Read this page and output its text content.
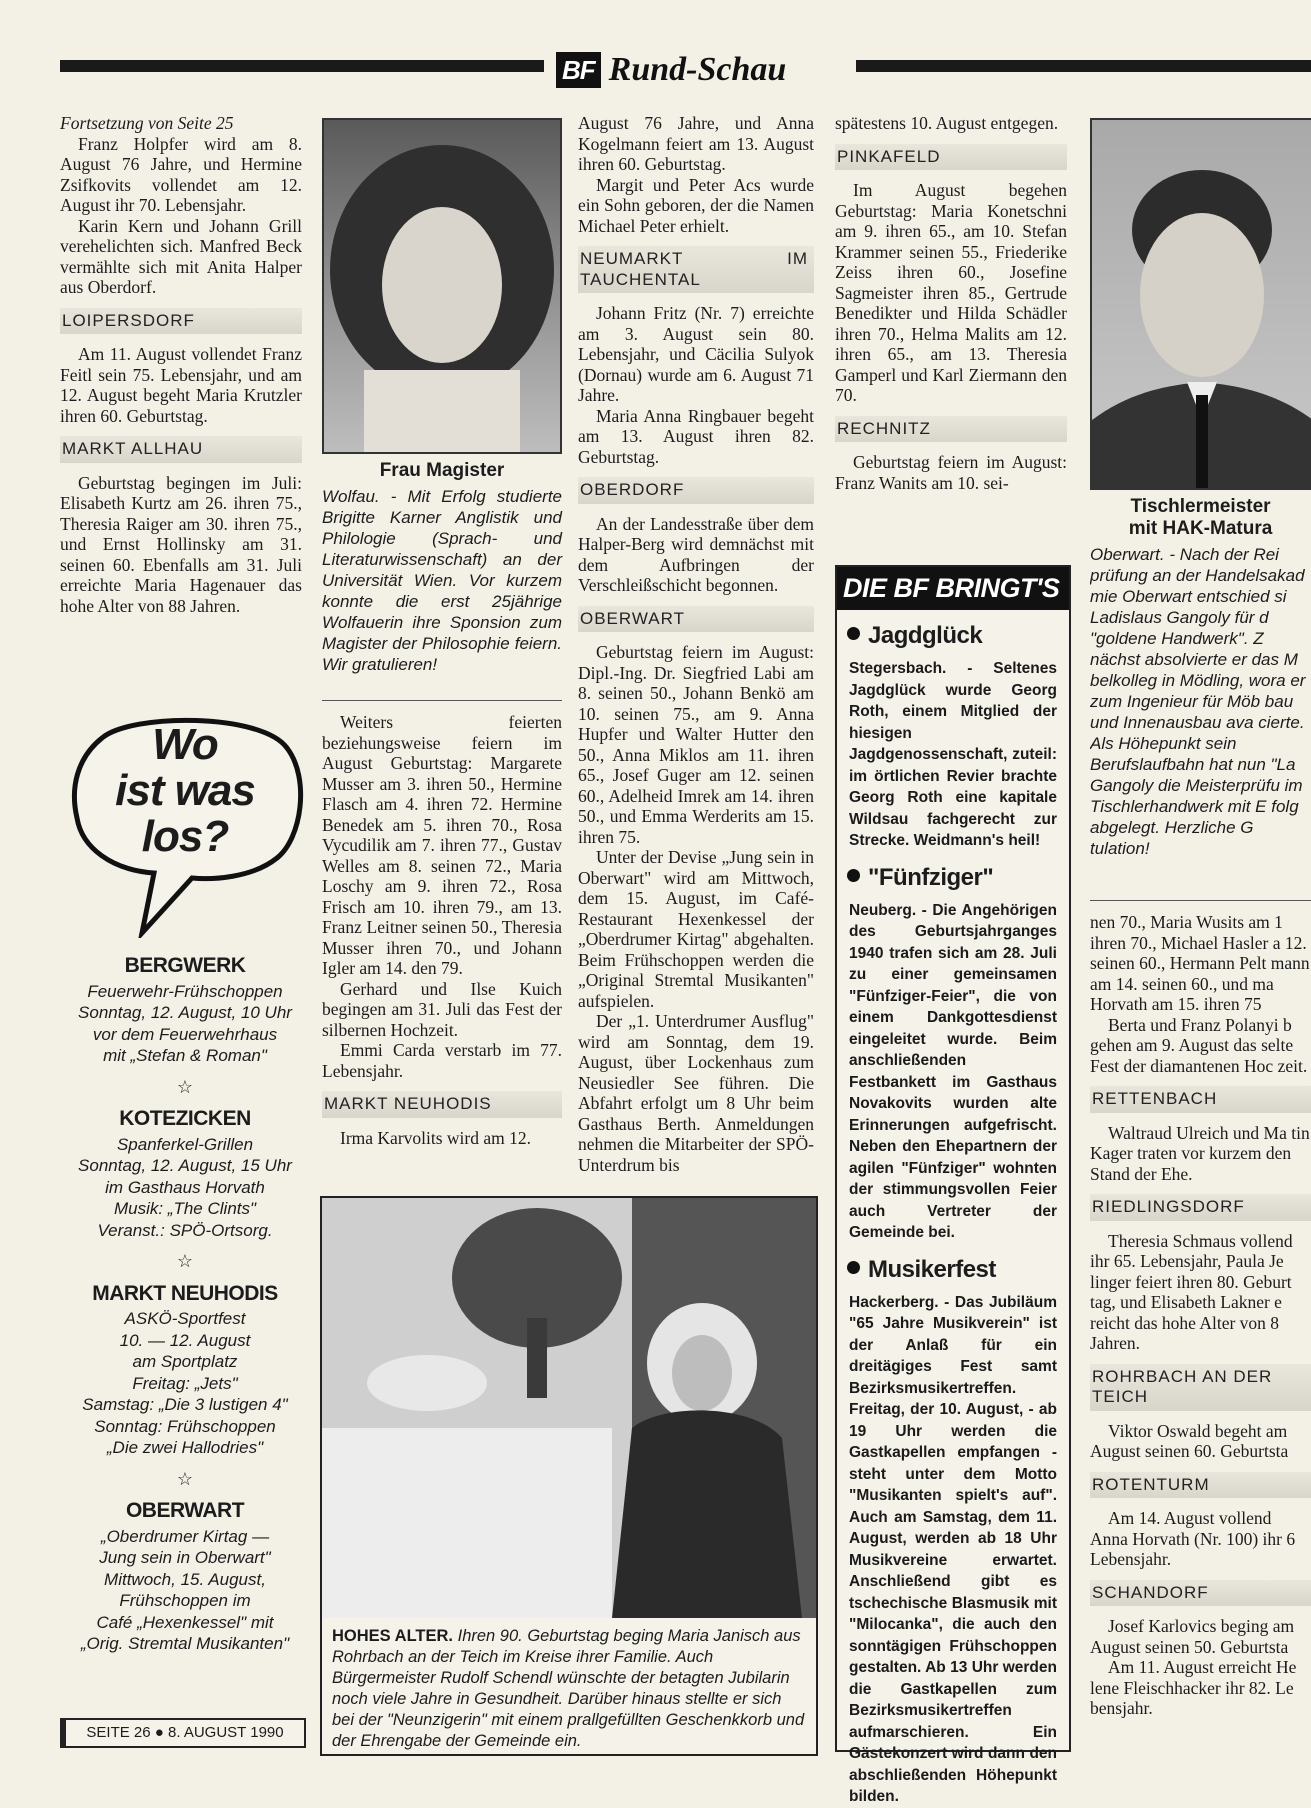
BF Rund-Schau

Fortsetzung von Seite 25

Franz Holpfer wird am 8. August 76 Jahre, und Hermine Zsifkovits vollendet am 12. August ihr 70. Lebensjahr.

Karin Kern und Johann Grill verehelichten sich. Manfred Beck vermählte sich mit Anita Halper aus Oberdorf.

LOIPERSDORF

Am 11. August vollendet Franz Feitl sein 75. Lebensjahr, und am 12. August begeht Maria Krutzler ihren 60. Geburtstag.

MARKT ALLHAU

Geburtstag begingen im Juli: Elisabeth Kurtz am 26. ihren 75., Theresia Raiger am 30. ihren 75., und Ernst Hollinsky am 31. seinen 60. Ebenfalls am 31. Juli erreichte Maria Hagenauer das hohe Alter von 88 Jahren.

Wo
ist was
los?
BERGWERK
Feuerwehr-Frühschoppen
Sonntag, 12. August, 10 Uhr
vor dem Feuerwehrhaus
mit „Stefan & Roman"
☆
KOTEZICKEN
Spanferkel-Grillen
Sonntag, 12. August, 15 Uhr
im Gasthaus Horvath
Musik: „The Clints"
Veranst.: SPÖ-Ortsorg.
☆
MARKT NEUHODIS
ASKÖ-Sportfest
10. — 12. August
am Sportplatz
Freitag: „Jets"
Samstag: „Die 3 lustigen 4"
Sonntag: Frühschoppen
„Die zwei Hallodries"
☆
OBERWART
„Oberdrumer Kirtag —
Jung sein in Oberwart"
Mittwoch, 15. August,
Frühschoppen im
Café „Hexenkessel" mit
„Orig. Stremtal Musikanten"
SEITE 26 ● 8. AUGUST 1990
Frau Magister
Wolfau. - Mit Erfolg studierte Brigitte Karner Anglistik und Philologie (Sprach- und Literaturwissenschaft) an der Universität Wien. Vor kurzem konnte die erst 25jährige Wolfauerin ihre Sponsion zum Magister der Philosophie feiern. Wir gratulieren!

Weiters feierten beziehungsweise feiern im August Geburtstag: Margarete Musser am 3. ihren 50., Hermine Flasch am 4. ihren 72. Hermine Benedek am 5. ihren 70., Rosa Vycudilik am 7. ihren 77., Gustav Welles am 8. seinen 72., Maria Loschy am 9. ihren 72., Rosa Frisch am 10. ihren 79., am 13. Franz Leitner seinen 50., Theresia Musser ihren 70., und Johann Igler am 14. den 79.

Gerhard und Ilse Kuich begingen am 31. Juli das Fest der silbernen Hochzeit.

Emmi Carda verstarb im 77. Lebensjahr.

MARKT NEUHODIS

Irma Karvolits wird am 12.

August 76 Jahre, und Anna Kogelmann feiert am 13. August ihren 60. Geburtstag.

Margit und Peter Acs wurde ein Sohn geboren, der die Namen Michael Peter erhielt.

NEUMARKT IM TAUCHENTAL

Johann Fritz (Nr. 7) erreichte am 3. August sein 80. Lebensjahr, und Cäcilia Sulyok (Dornau) wurde am 6. August 71 Jahre.

Maria Anna Ringbauer begeht am 13. August ihren 82. Geburtstag.

OBERDORF

An der Landesstraße über dem Halper-Berg wird demnächst mit dem Aufbringen der Verschleißschicht begonnen.

OBERWART

Geburtstag feiern im August: Dipl.-Ing. Dr. Siegfried Labi am 8. seinen 50., Johann Benkö am 10. seinen 75., am 9. Anna Hupfer und Walter Hutter den 50., Anna Miklos am 11. ihren 65., Josef Guger am 12. seinen 60., Adelheid Imrek am 14. ihren 50., und Emma Werderits am 15. ihren 75.

Unter der Devise „Jung sein in Oberwart" wird am Mittwoch, dem 15. August, im Café-Restaurant Hexenkessel der „Oberdrumer Kirtag" abgehalten. Beim Frühschoppen werden die „Original Stremtal Musikanten" aufspielen.

Der „1. Unterdrumer Ausflug" wird am Sonntag, dem 19. August, über Lockenhaus zum Neusiedler See führen. Die Abfahrt erfolgt um 8 Uhr beim Gasthaus Berth. Anmeldungen nehmen die Mitarbeiter der SPÖ-Unterdrum bis

spätestens 10. August entgegen.

PINKAFELD

Im August begehen Geburtstag: Maria Konetschni am 9. ihren 65., am 10. Stefan Krammer seinen 55., Friederike Zeiss ihren 60., Josefine Sagmeister ihren 85., Gertrude Benedikter und Hilda Schädler ihren 70., Helma Malits am 12. ihren 65., am 13. Theresia Gamperl und Karl Ziermann den 70.

RECHNITZ

Geburtstag feiern im August: Franz Wanits am 10. sei-

DIE BF BRINGT'S
Jagdglück
Stegersbach. - Seltenes Jagdglück wurde Georg Roth, einem Mitglied der hiesigen Jagdgenossenschaft, zuteil: im örtlichen Revier brachte Georg Roth eine kapitale Wildsau fachgerecht zur Strecke. Weidmann's heil!
"Fünfziger"
Neuberg. - Die Angehörigen des Geburtsjahrganges 1940 trafen sich am 28. Juli zu einer gemeinsamen "Fünfziger-Feier", die von einem Dankgottesdienst eingeleitet wurde. Beim anschließenden Festbankett im Gasthaus Novakovits wurden alte Erinnerungen aufgefrischt. Neben den Ehepartnern der agilen "Fünfziger" wohnten der stimmungsvollen Feier auch Vertreter der Gemeinde bei.
Musikerfest
Hackerberg. - Das Jubiläum "65 Jahre Musikverein" ist der Anlaß für ein dreitägiges Fest samt Bezirksmusikertreffen. Freitag, der 10. August, - ab 19 Uhr werden die Gastkapellen empfangen - steht unter dem Motto "Musikanten spielt's auf". Auch am Samstag, dem 11. August, werden ab 18 Uhr Musikvereine erwartet. Anschließend gibt es tschechische Blasmusik mit "Milocanka", die auch den sonntägigen Frühschoppen gestalten. Ab 13 Uhr werden die Gastkapellen zum Bezirksmusikertreffen aufmarschieren. Ein Gästekonzert wird dann den abschließenden Höhepunkt bilden.
Tischlermeister
mit HAK-Matura
Oberwart. - Nach der Rei prüfung an der Handelsakad mie Oberwart entschied si Ladislaus Gangoly für d "goldene Handwerk". Z nächst absolvierte er das M belkolleg in Mödling, wora er zum Ingenieur für Möb bau und Innenausbau ava cierte. Als Höhepunkt sein Berufslaufbahn hat nun "La Gangoly die Meisterprüfu im Tischlerhandwerk mit E folg abgelegt. Herzliche G tulation!

nen 70., Maria Wusits am 1 ihren 70., Michael Hasler a 12. seinen 60., Hermann Pelt mann am 14. seinen 60., und ma Horvath am 15. ihren 75

Berta und Franz Polanyi b gehen am 9. August das selte Fest der diamantenen Hoc zeit.

RETTENBACH

Waltraud Ulreich und Ma tin Kager traten vor kurzem den Stand der Ehe.

RIEDLINGSDORF

Theresia Schmaus vollend ihr 65. Lebensjahr, Paula Je linger feiert ihren 80. Geburt tag, und Elisabeth Lakner e reicht das hohe Alter von 8 Jahren.

ROHRBACH AN DER TEICH

Viktor Oswald begeht am August seinen 60. Geburtsta

ROTENTURM

Am 14. August vollend Anna Horvath (Nr. 100) ihr 6 Lebensjahr.

SCHANDORF

Josef Karlovics beging am August seinen 50. Geburtsta

Am 11. August erreicht He lene Fleischhacker ihr 82. Le bensjahr.

HOHES ALTER. Ihren 90. Geburtstag beging Maria Janisch aus Rohrbach an der Teich im Kreise ihrer Familie. Auch Bürgermeister Rudolf Schendl wünschte der betagten Jubilarin noch viele Jahre in Gesundheit. Darüber hinaus stellte er sich bei der "Neunzigerin" mit einem prallgefüllten Geschenkkorb und der Ehrengabe der Gemeinde ein.
